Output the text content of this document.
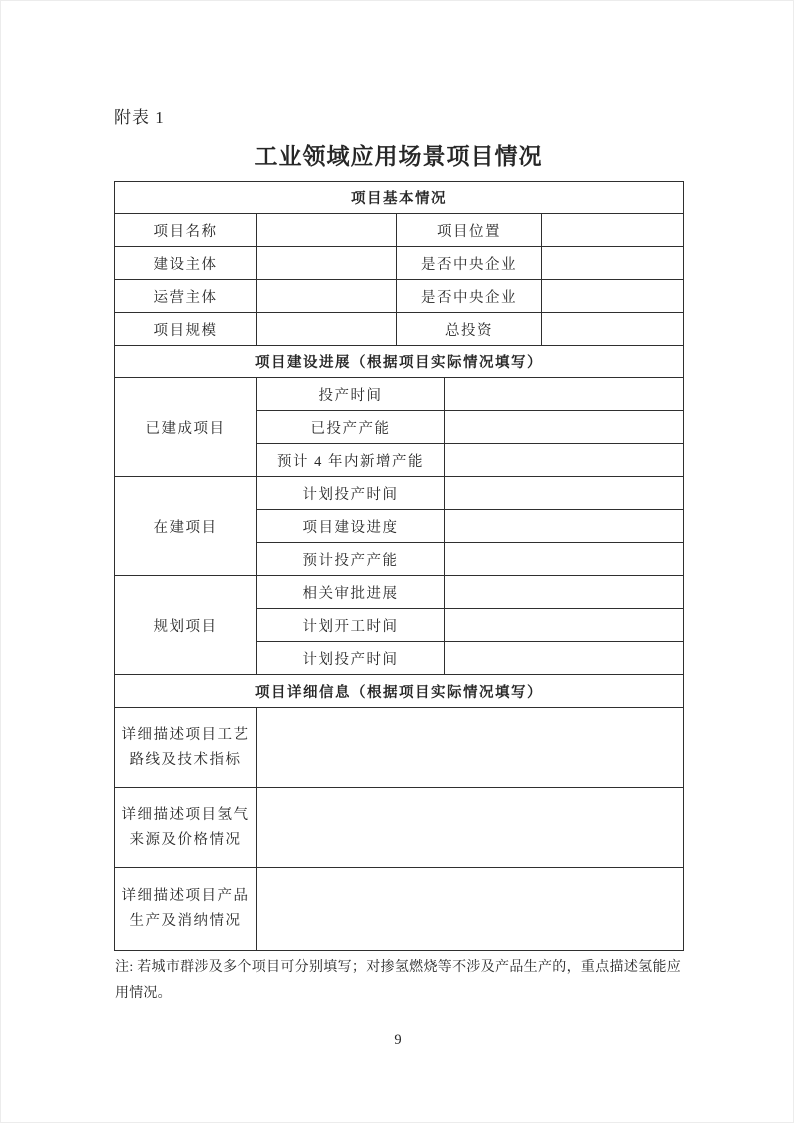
附表 1
工业领域应用场景项目情况
项目基本情况				
项目名称		项目位置		
建设主体		是否中央企业		
运营主体		是否中央企业		
项目规模		总投资		
项目建设进展（根据项目实际情况填写）				
已建成项目	投产时间			
	已投产产能			
	预计 4 年内新增产能			
在建项目	计划投产时间			
	项目建设进度			
	预计投产产能			
规划项目	相关审批进展			
	计划开工时间			
	计划投产时间			
项目详细信息（根据项目实际情况填写）				
详细描述项目工艺路线及技术指标				
详细描述项目氢气来源及价格情况				
详细描述项目产品生产及消纳情况				
注: 若城市群涉及多个项目可分别填写；对掺氢燃烧等不涉及产品生产的，重点描述氢能应用情况。
9
